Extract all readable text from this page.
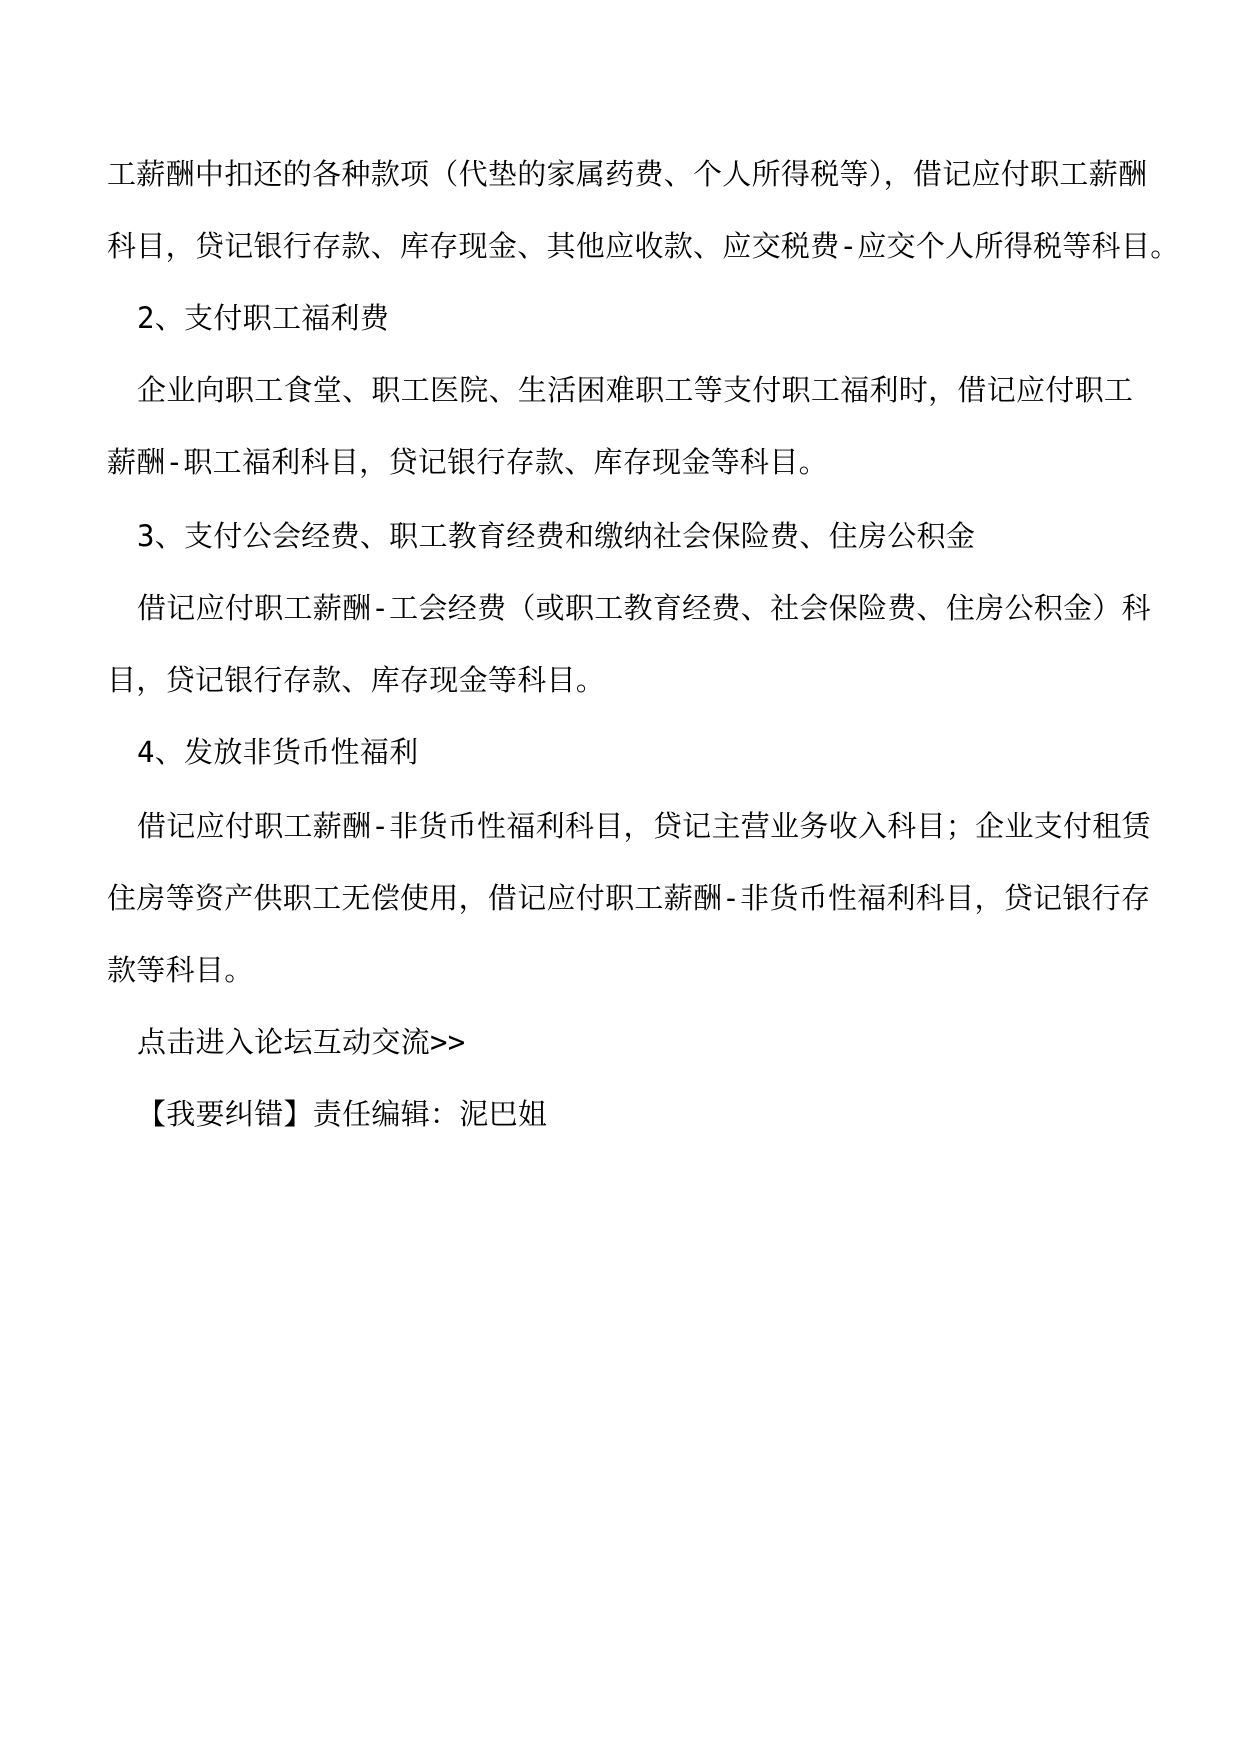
工薪酬中扣还的各种款项（代垫的家属药费、个人所得税等），借记应付职工薪酬
科目，贷记银行存款、库存现金、其他应收款、应交税费-应交个人所得税等科目。
2、支付职工福利费
企业向职工食堂、职工医院、生活困难职工等支付职工福利时，借记应付职工
薪酬-职工福利科目，贷记银行存款、库存现金等科目。
3、支付公会经费、职工教育经费和缴纳社会保险费、住房公积金
借记应付职工薪酬-工会经费（或职工教育经费、社会保险费、住房公积金）科
目，贷记银行存款、库存现金等科目。
4、发放非货币性福利
借记应付职工薪酬-非货币性福利科目，贷记主营业务收入科目；企业支付租赁
住房等资产供职工无偿使用，借记应付职工薪酬-非货币性福利科目，贷记银行存
款等科目。
点击进入论坛互动交流>>
【我要纠错】责任编辑：泥巴姐
